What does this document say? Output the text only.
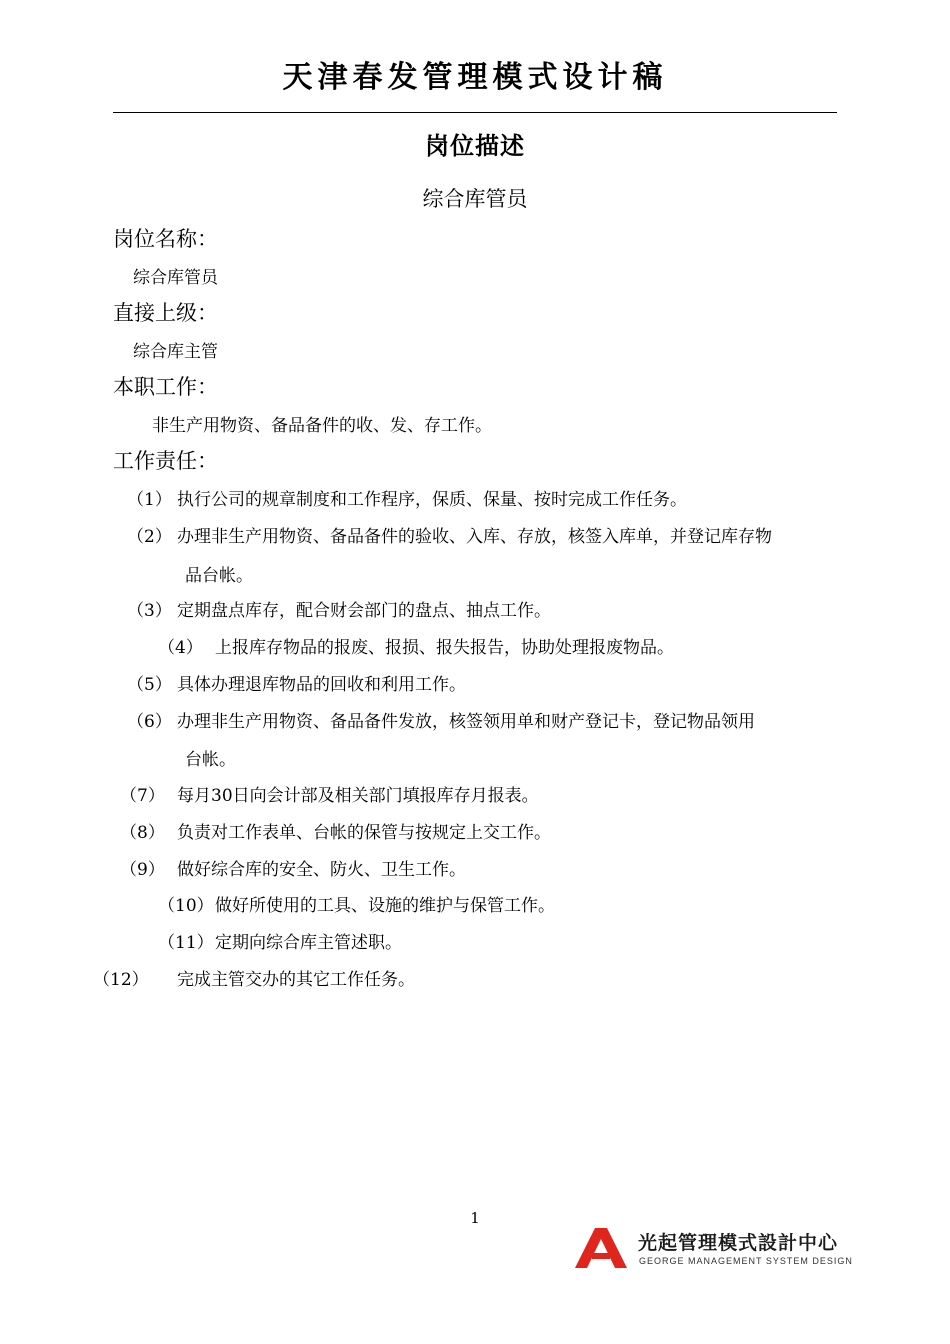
天津春发管理模式设计稿
岗位描述
综合库管员
岗位名称：
综合库管员
直接上级：
综合库主管
本职工作：
非生产用物资、备品备件的收、发、存工作。
工作责任：
（1） 执行公司的规章制度和工作程序，保质、保量、按时完成工作任务。
（2） 办理非生产用物资、备品备件的验收、入库、存放，核签入库单，并登记库存物
品台帐。
（3） 定期盘点库存，配合财会部门的盘点、抽点工作。
（4） 上报库存物品的报废、报损、报失报告，协助处理报废物品。
（5） 具体办理退库物品的回收和利用工作。
（6） 办理非生产用物资、备品备件发放，核签领用单和财产登记卡，登记物品领用
台帐。
（7） 每月30日向会计部及相关部门填报库存月报表。
（8） 负责对工作表单、台帐的保管与按规定上交工作。
（9） 做好综合库的安全、防火、卫生工作。
（10） 做好所使用的工具、设施的维护与保管工作。
（11） 定期向综合库主管述职。
（12） 完成主管交办的其它工作任务。
1
光起管理模式設計中心
GEORGE MANAGEMENT SYSTEM DESIGN
